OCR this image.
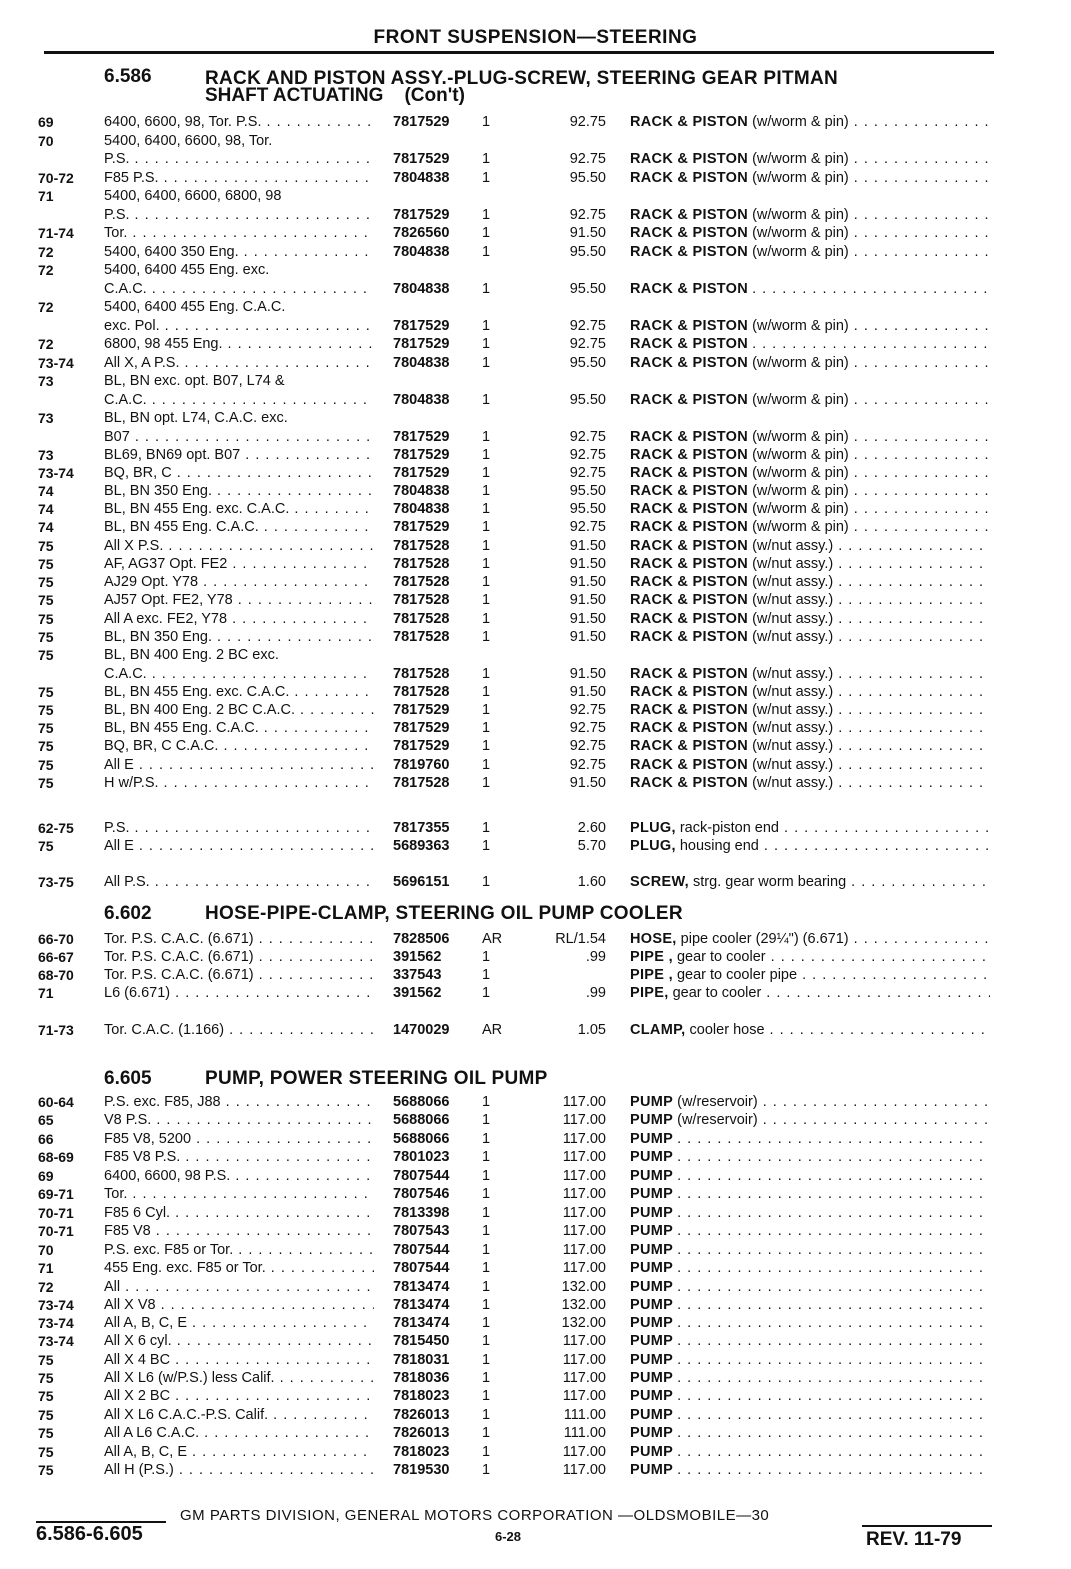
FRONT SUSPENSION—STEERING
6.586	RACK AND PISTON ASSY.-PLUG-SCREW, STEERING GEAR PITMAN
SHAFT ACTUATING    (Con't)
6.602	HOSE-PIPE-CLAMP, STEERING OIL PUMP COOLER
6.605	PUMP, POWER STEERING OIL PUMP
69	6400, 6600, 98, Tor. P.S. . . .	7817529	1	92.75 RACK & PISTON (w/worm & pin) . . .
70	5400, 6400, 6600, 98, Tor.
P.S. . . .	7817529	1	92.75 RACK & PISTON (w/worm & pin) . . .
70-72	F85 P.S. . . .	7804838	1	95.50 RACK & PISTON (w/worm & pin) . . .
71	5400, 6400, 6600, 6800, 98
P.S. . . .	7817529	1	92.75 RACK & PISTON (w/worm & pin) . . .
71-74	Tor. . . .	7826560	1	91.50 RACK & PISTON (w/worm & pin) . . .
72	5400, 6400 350 Eng. . . .	7804838	1	95.50 RACK & PISTON (w/worm & pin) . . .
72	5400, 6400 455 Eng. exc.
C.A.C. . . .	7804838	1	95.50 RACK & PISTON . . .
72	5400, 6400 455 Eng. C.A.C.
exc. Pol. . . .	7817529	1	92.75 RACK & PISTON (w/worm & pin) . . .
72	6800, 98 455 Eng. . . .	7817529	1	92.75 RACK & PISTON . . .
73-74	All X, A P.S. . . .	7804838	1	95.50 RACK & PISTON (w/worm & pin) . . .
73	BL, BN exc. opt. B07, L74 &
C.A.C. . . .	7804838	1	95.50 RACK & PISTON (w/worm & pin) . . .
73	BL, BN opt. L74, C.A.C. exc.
B07 . . .	7817529	1	92.75 RACK & PISTON (w/worm & pin) . . .
73	BL69, BN69 opt. B07 . . .	7817529	1	92.75 RACK & PISTON (w/worm & pin) . . .
73-74	BQ, BR, C . . .	7817529	1	92.75 RACK & PISTON (w/worm & pin) . . .
74	BL, BN 350 Eng. . . .	7804838	1	95.50 RACK & PISTON (w/worm & pin) . . .
74	BL, BN 455 Eng. exc. C.A.C. . . .	7804838	1	95.50 RACK & PISTON (w/worm & pin) . . .
74	BL, BN 455 Eng. C.A.C. . . .	7817529	1	92.75 RACK & PISTON (w/worm & pin) . . .
75	All X P.S. . . .	7817528	1	91.50 RACK & PISTON (w/nut assy.) . . .
75	AF, AG37 Opt. FE2 . . .	7817528	1	91.50 RACK & PISTON (w/nut assy.) . . .
75	AJ29 Opt. Y78 . . .	7817528	1	91.50 RACK & PISTON (w/nut assy.) . . .
75	AJ57 Opt. FE2, Y78 . . .	7817528	1	91.50 RACK & PISTON (w/nut assy.) . . .
75	All A exc. FE2, Y78 . . .	7817528	1	91.50 RACK & PISTON (w/nut assy.) . . .
75	BL, BN 350 Eng. . . .	7817528	1	91.50 RACK & PISTON (w/nut assy.) . . .
75	BL, BN 400 Eng. 2 BC exc.
C.A.C. . . .	7817528	1	91.50 RACK & PISTON (w/nut assy.) . . .
75	BL, BN 455 Eng. exc. C.A.C. . . .	7817528	1	91.50 RACK & PISTON (w/nut assy.) . . .
75	BL, BN 400 Eng. 2 BC C.A.C. . . .	7817529	1	92.75 RACK & PISTON (w/nut assy.) . . .
75	BL, BN 455 Eng. C.A.C. . . .	7817529	1	92.75 RACK & PISTON (w/nut assy.) . . .
75	BQ, BR, C C.A.C. . . .	7817529	1	92.75 RACK & PISTON (w/nut assy.) . . .
75	All E . . .	7819760	1	92.75 RACK & PISTON (w/nut assy.) . . .
75	H w/P.S. . . .	7817528	1	91.50 RACK & PISTON (w/nut assy.) . . .
62-75	P.S. . . .	7817355	1	2.60 PLUG, rack-piston end . . .
75	All E . . .	5689363	1	5.70 PLUG, housing end . . .
73-75	All P.S. . . .	5696151	1	1.60 SCREW, strg. gear worm bearing . . .
66-70	Tor. P.S. C.A.C. (6.671) . . .	7828506	AR	RL/1.54 HOSE, pipe cooler (29¼") (6.671) . . .
66-67	Tor. P.S. C.A.C. (6.671) . . .	391562	1	.99 PIPE , gear to cooler . . .
68-70	Tor. P.S. C.A.C. (6.671) . . .	337543	1	PIPE , gear to cooler pipe . . .
71	L6 (6.671) . . .	391562	1	.99 PIPE, gear to cooler . . .
71-73	Tor. C.A.C. (1.166) . . .	1470029	AR	1.05 CLAMP, cooler hose . . .
60-64	P.S. exc. F85, J88 . . .	5688066	1	117.00 PUMP (w/reservoir) . . .
65	V8 P.S. . . .	5688066	1	117.00 PUMP (w/reservoir) . . .
66	F85 V8, 5200 . . .	5688066	1	117.00 PUMP . . .
68-69	F85 V8 P.S. . . .	7801023	1	117.00 PUMP . . .
69	6400, 6600, 98 P.S. . . .	7807544	1	117.00 PUMP . . .
69-71	Tor. . . .	7807546	1	117.00 PUMP . . .
70-71	F85 6 Cyl. . . .	7813398	1	117.00 PUMP . . .
70-71	F85 V8 . . .	7807543	1	117.00 PUMP . . .
70	P.S. exc. F85 or Tor. . . .	7807544	1	117.00 PUMP . . .
71	455 Eng. exc. F85 or Tor. . . .	7807544	1	117.00 PUMP . . .
72	All . . .	7813474	1	132.00 PUMP . . .
73-74	All X V8 . . .	7813474	1	132.00 PUMP . . .
73-74	All A, B, C, E . . .	7813474	1	132.00 PUMP . . .
73-74	All X 6 cyl. . . .	7815450	1	117.00 PUMP . . .
75	All X 4 BC . . .	7818031	1	117.00 PUMP . . .
75	All X L6 (w/P.S.) less Calif. . . .	7818036	1	117.00 PUMP . . .
75	All X 2 BC . . .	7818023	1	117.00 PUMP . . .
75	All X L6 C.A.C.-P.S. Calif. . . .	7826013	1	111.00 PUMP . . .
75	All A L6 C.A.C. . . .	7826013	1	111.00 PUMP . . .
75	All A, B, C, E . . .	7818023	1	117.00 PUMP . . .
75	All H (P.S.) . . .	7819530	1	117.00 PUMP . . .
6.586-6.605
GM PARTS DIVISION, GENERAL MOTORS CORPORATION —OLDSMOBILE—30
6-28	REV. 11-79
